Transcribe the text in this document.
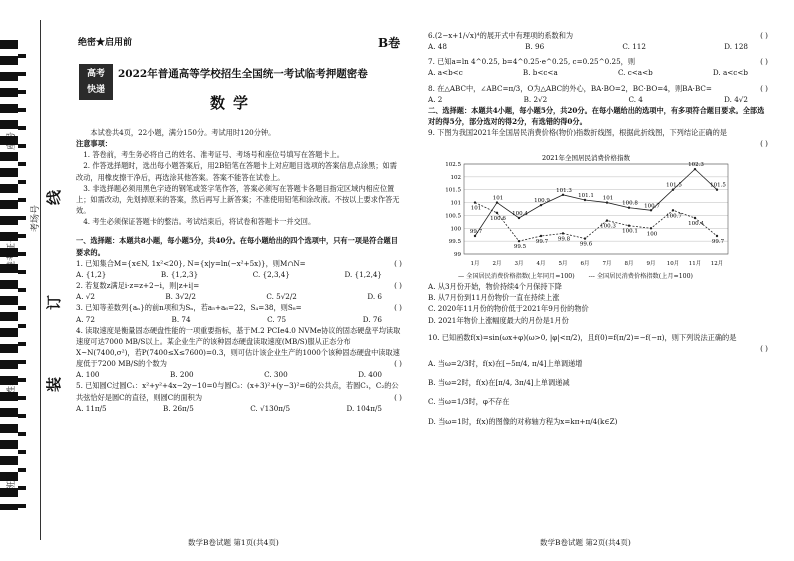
座号
准考证号
考场号
姓名
班级
装
订
线
绝密★启用前	B卷
高考
快递
2022年普通高等学校招生全国统一考试临考押题密卷
数学

本试卷共4页，22小题，满分150分。考试用时120分钟。

注意事项：

1. 答卷前，考生务必将自己的姓名、准考证号、考场号和座位号填写在答题卡上。

2. 作答选择题时，选出每小题答案后，用2B铅笔在答题卡上对应题目选项的答案信息点涂黑；如需改动，用橡皮擦干净后，再选涂其他答案。答案不能答在试卷上。

3. 非选择题必须用黑色字迹的钢笔或签字笔作答，答案必须写在答题卡各题目指定区域内相应位置上；如需改动，先划掉原来的答案，然后再写上新答案；不准使用铅笔和涂改液。不按以上要求作答无效。

4. 考生必须保证答题卡的整洁。考试结束后，将试卷和答题卡一并交回。

一、选择题：本题共8小题，每小题5分，共40分。在每小题给出的四个选项中，只有一项是符合题目要求的。

1. 已知集合M={x∈N, 1x²<20}, N={x|y=ln(−x²+5x)}，则M∩N=	( )

A. {1,2}	B. {1,2,3}	C. {2,3,4}	D. {1,2,4}

2. 若复数z满足i·z=z+2−i，则|z+i|=	( )

A. √2	B. 3√2/2	C. 5√2/2	D. 6

3. 已知等差数列{aₙ}的前n项和为Sₙ，若a₅+a₆=22，S₄=38，则S₈=	( )

A. 72	B. 74	C. 75	D. 76

4. 读取速度是衡量固态硬盘性能的一项重要指标，基于M.2 PCIe4.0 NVMe协议的固态硬盘平均读取速度可达7000 MB/S以上。某企业生产的该种固态硬盘读取速度(MB/S)服从正态分布X~N(7400,σ²)，若P(7400≤X≤7600)=0.3，则可估计该企业生产的1000个该种固态硬盘中读取速度低于7200 MB/S的个数为	( )

A. 100	B. 200	C. 300	D. 400

5. 已知圆C过圆C₁：x²+y²+4x−2y−10=0与圆C₂：(x+3)²+(y−3)²=6的公共点，若圆C₁，C₂的公共弦恰好是圆C的直径，则圆C的面积为	( )

A. 11π/5	B. 26π/5	C. √130π/5	D. 104π/5
数学B卷试题 第1页(共4页)

6.(2−x+1/√x)⁴的展开式中有理项的系数和为	( )

A. 48	B. 96	C. 112	D. 128

7. 已知a=ln 4^0.25, b=4^0.25·e^0.25, c=0.25^0.25，则	( )

A. a<b<c	B. b<c<a	C. c<a<b	D. a<c<b

8. 在△ABC中，∠ABC=π/3，O为△ABC的外心，BA·BO=2，BC·BO=4，则BA·BC=	( )

A. 2	B. 2√2	C. 4	D. 4√2

二、选择题：本题共4小题，每小题5分，共20分。在每小题给出的选项中，有多项符合题目要求。全部选对的得5分，部分选对的得2分，有选错的得0分。

9. 下图为我国2021年全国居民消费价格(物价)指数折线图，根据此折线图，下列结论正确的是

( )

2021年全国居民消费价格指数
102.5
102
101.5
101
100.5
100
99.5
99
1月 2月 3月 4月 5月 6月 7月 8月 9月 10月 11月 12月
99.7
101
100.4
100.9
101.3
101.1 101
100.8 100.7
101.5
102.3
101.5
101
100.6
99.5
99.7 99.8
99.6
100.3
100.1 100
100.7
100.4
99.7
— 全国居民消费价格指数(上年同月=100) --- 全国居民消费价格指数(上月=100)

A. 从3月份开始，物价持续4个月保持下降

B. 从7月份到11月份物价一直在持续上涨

C. 2020年11月份的物价低于2021年9月份的物价

D. 2021年物价上涨幅度最大的月份是1月份

10. 已知函数f(x)=sin(ωx+φ)(ω>0, |φ|<π/2)，且f(0)=f(π/2)=−f(−π)，则下列说法正确的是

( )

A. 当ω=2/3时，f(x)在[−5π/4, π/4]上单调递增

B. 当ω=2时，f(x)在[π/4, 3π/4]上单调递减

C. 当ω=1/3时，φ不存在

D. 当ω=1时，f(x)的图像的对称轴方程为x=kπ+π/4(k∈Z)

数学B卷试题 第2页(共4页)
